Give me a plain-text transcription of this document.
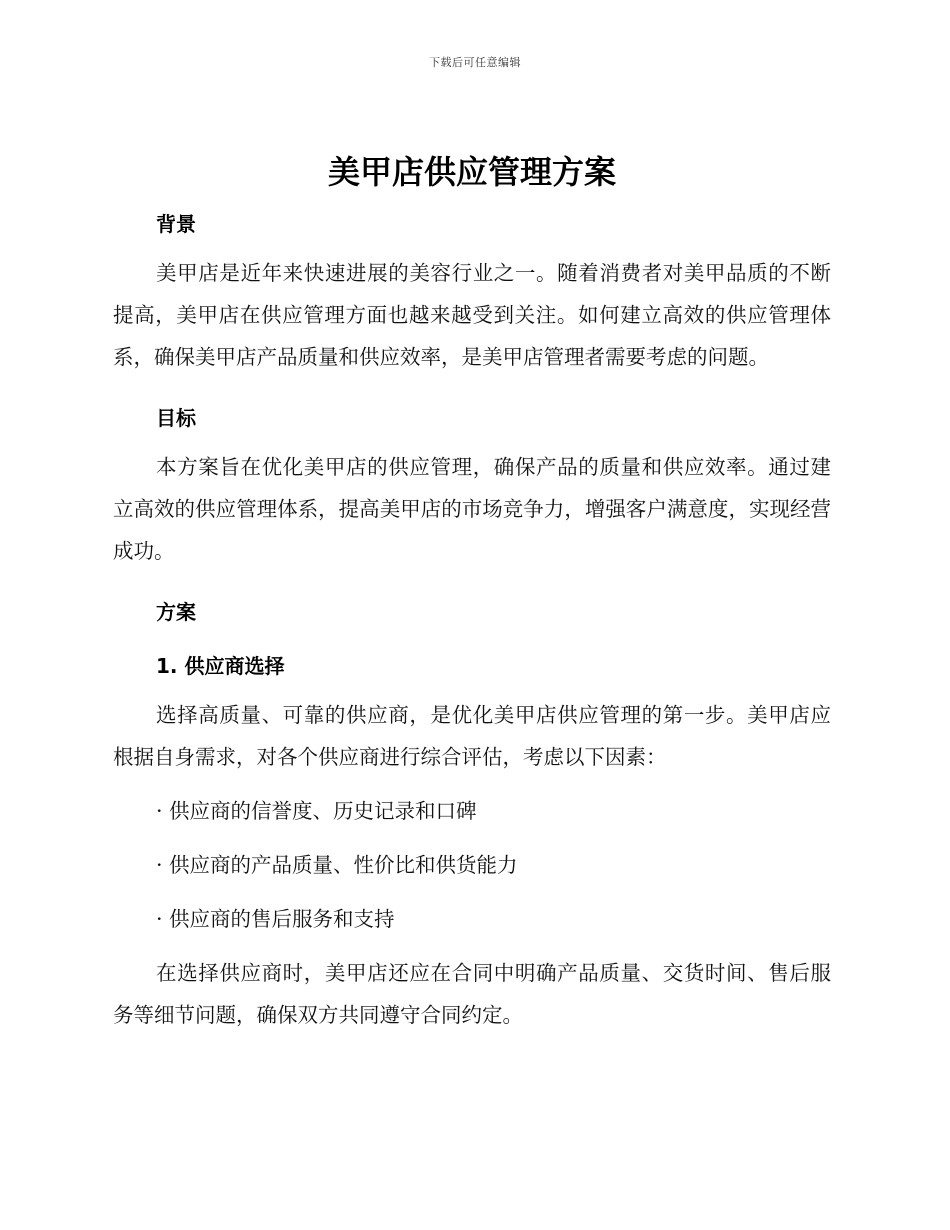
下载后可任意编辑
美甲店供应管理方案
背景

美甲店是近年来快速进展的美容行业之一。随着消费者对美甲品质的不断提高，美甲店在供应管理方面也越来越受到关注。如何建立高效的供应管理体系，确保美甲店产品质量和供应效率，是美甲店管理者需要考虑的问题。

目标

本方案旨在优化美甲店的供应管理，确保产品的质量和供应效率。通过建立高效的供应管理体系，提高美甲店的市场竞争力，增强客户满意度，实现经营成功。

方案
1. 供应商选择

选择高质量、可靠的供应商，是优化美甲店供应管理的第一步。美甲店应根据自身需求，对各个供应商进行综合评估，考虑以下因素：

· 供应商的信誉度、历史记录和口碑

· 供应商的产品质量、性价比和供货能力

· 供应商的售后服务和支持

在选择供应商时，美甲店还应在合同中明确产品质量、交货时间、售后服务等细节问题，确保双方共同遵守合同约定。
